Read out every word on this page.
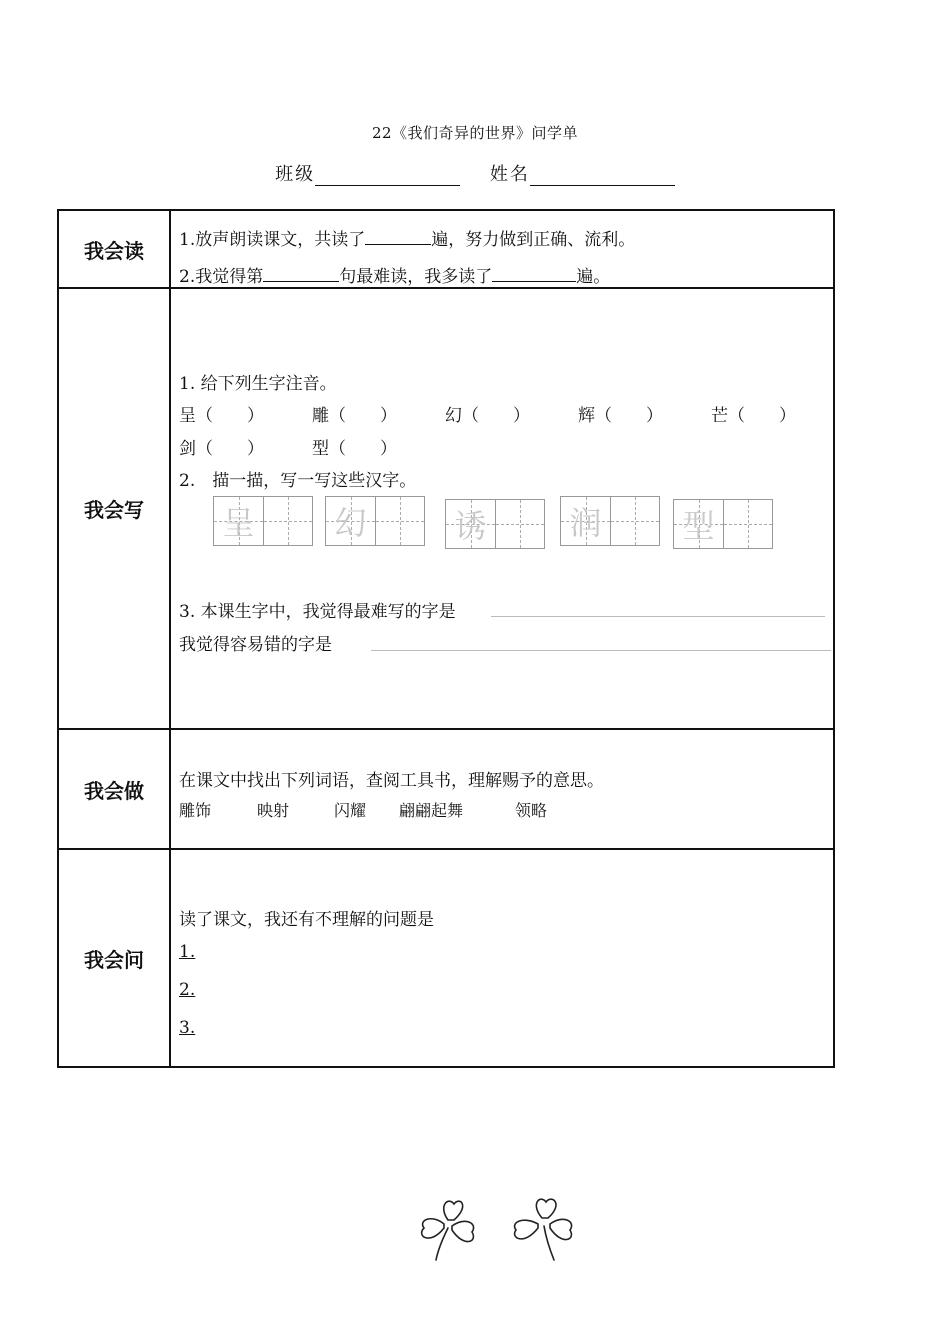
22《我们奇异的世界》问学单
班级	姓名
我会读	1.放声朗读课文，共读了	遍，努力做到正确、流利。
2.我觉得第	句最难读，我多读了	遍。
我会写
1. 给下列生字注音。
呈（　　）	雕（　　）	幻（　　）	辉（　　）	芒（　　）
剑（　　）	型（　　）
2.　描一描，写一写这些汉字。
呈 幻	诱	润	型
3. 本课生字中，我觉得最难写的字是
我觉得容易错的字是
我会做	在课文中找出下列词语，查阅工具书，理解赐予的意思。
雕饰	映射	闪耀 翩翩起舞	领略
我会问
读了课文，我还有不理解的问题是
1.
2.
3.
